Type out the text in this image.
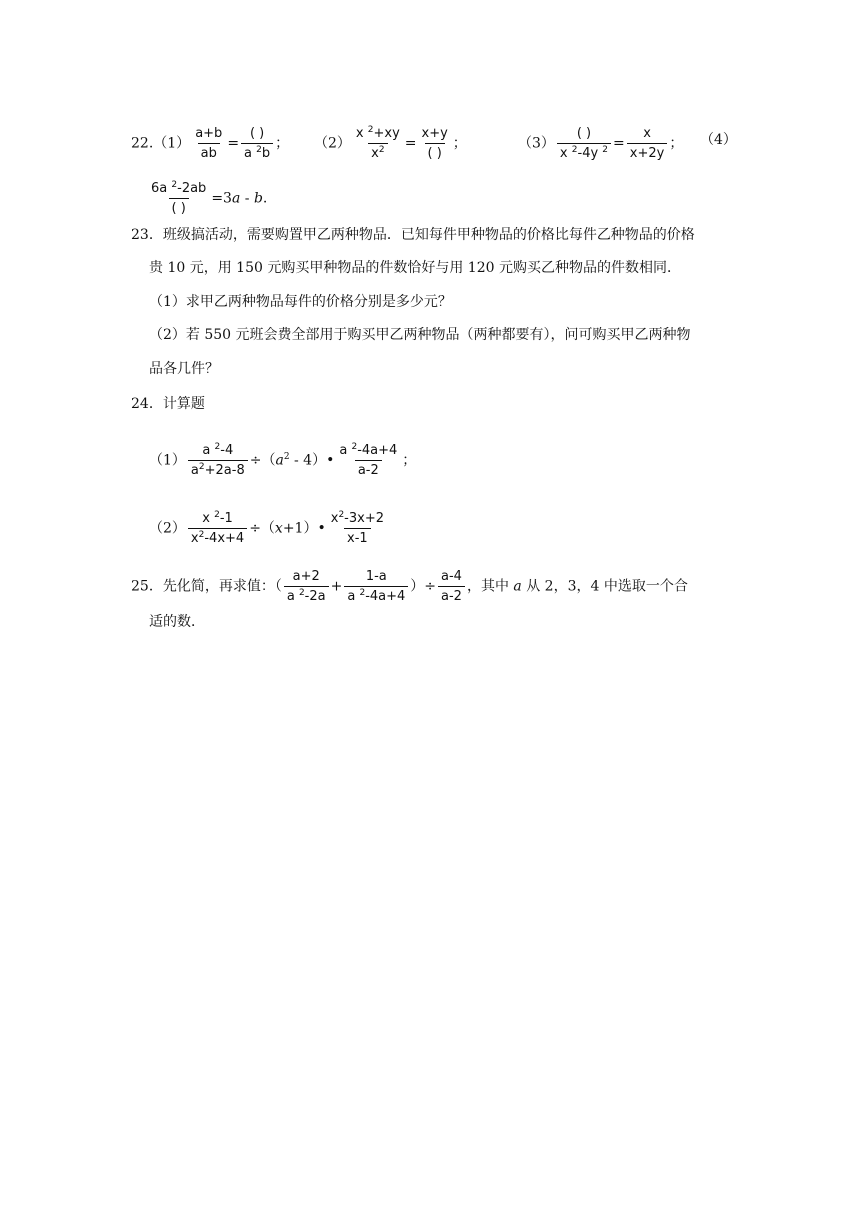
$22.(1) \frac{a+b}{ab} = \frac{( )}{a ^2b}$ ； $(2) \frac{x ^2+xy}{x^2} = \frac{x+y}{( )}$ ；	$(3) \frac{( )}{x ^2-4y ^2} = \frac{x}{x+2y}$ ； （4）
$\frac{6a ^2-2ab}{( )} =3a - b$.
23．班级搞活动，需要购置甲乙两种物品．已知每件甲种物品的价格比每件乙种物品的价格
贵 10 元，用 150 元购买甲种物品的件数恰好与用 120 元购买乙种物品的件数相同．
（1）求甲乙两种物品每件的价格分别是多少元？
（2）若 550 元班会费全部用于购买甲乙两种物品（两种都要有），问可购买甲乙两种物
品各几件？
24．计算题
$(1) \frac{a ^2-4}{a^2+2a-8} \div(a^2$ - 4）• $\frac{a ^2-4a+4}{a-2}$ ；
$(2) \frac{x ^2-1}{x^2-4x+4}$ ÷（x+1）• $\frac{x^2-3x+2}{x-1}$
25．先化简，再求值：（ $\frac{a+2}{a ^2-2a} + \frac{1-a}{a ^2-4a+4}$ ）÷ $\frac{a-4}{a-2}$ ，其中 a 从 2，3，4 中选取一个合
适的数．
